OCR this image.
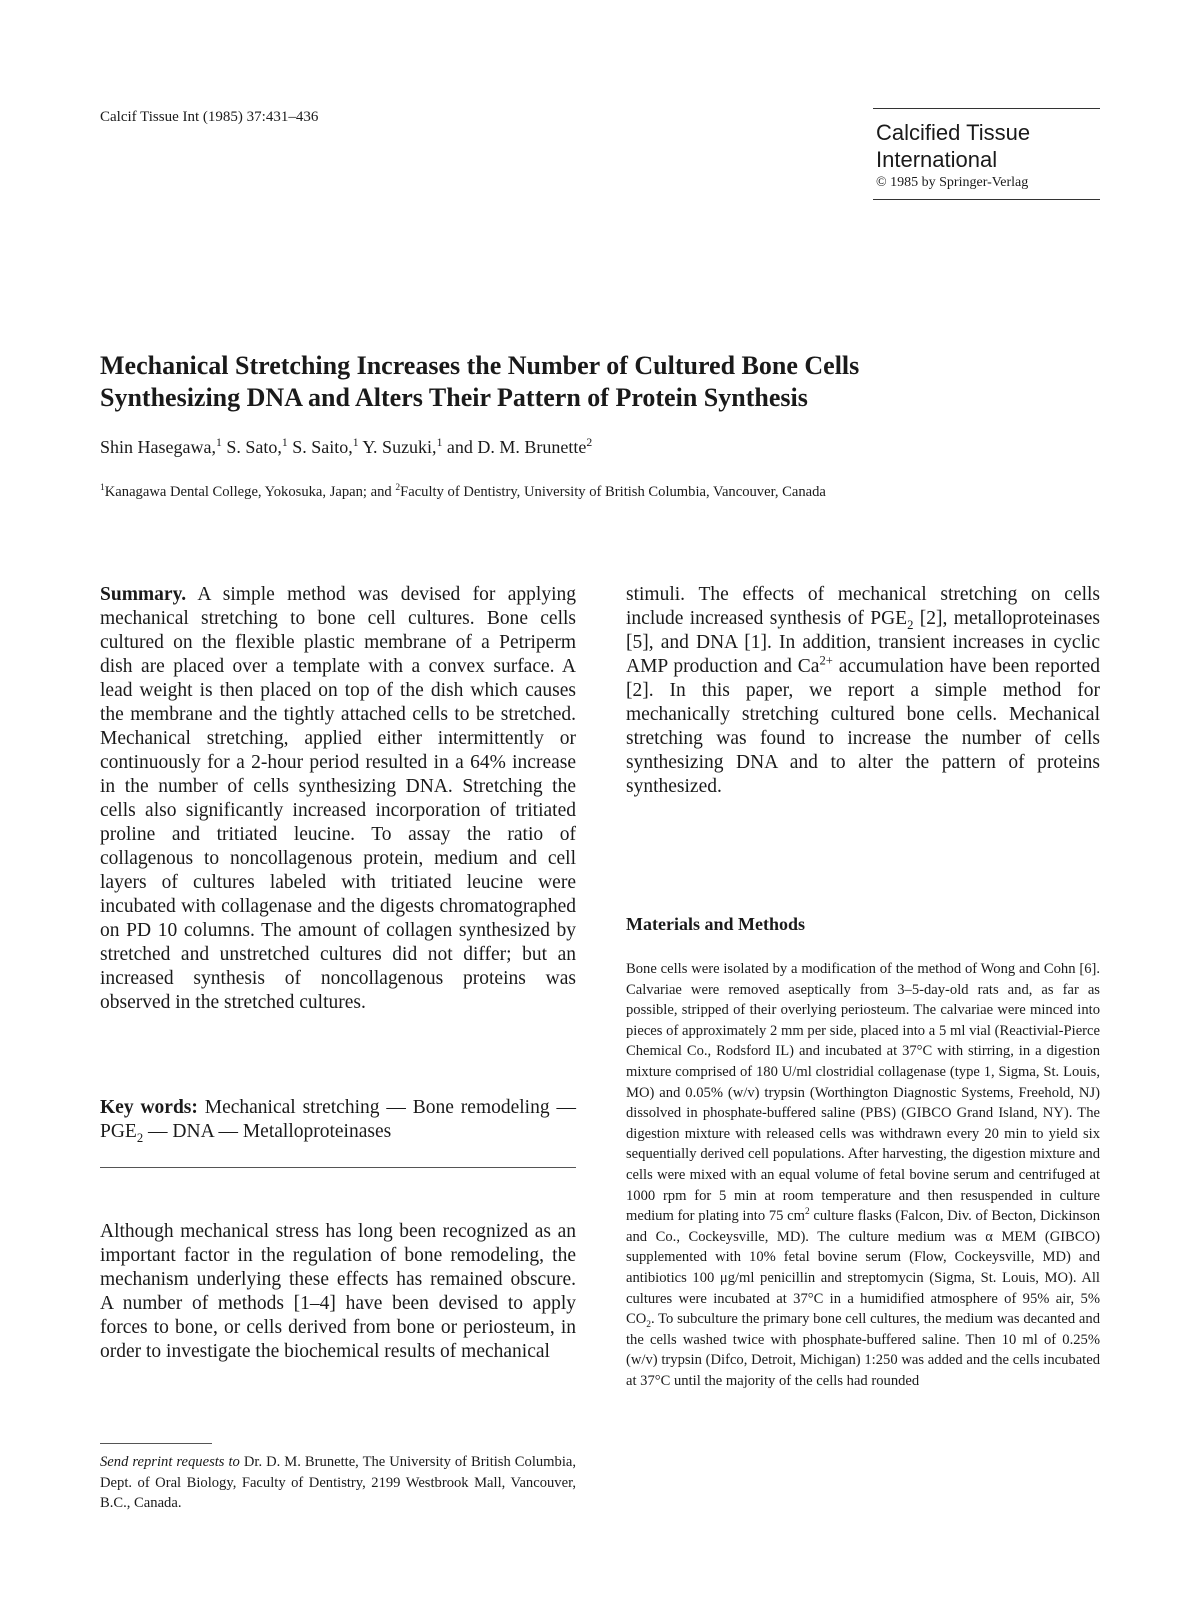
Calcif Tissue Int (1985) 37:431–436
Calcified Tissue
International
© 1985 by Springer-Verlag
Mechanical Stretching Increases the Number of Cultured Bone Cells
Synthesizing DNA and Alters Their Pattern of Protein Synthesis
Shin Hasegawa,$^1$ S. Sato,$^1$ S. Saito,$^1$ Y. Suzuki,$^1$ and D. M. Brunette$^2$
$^1$Kanagawa Dental College, Yokosuka, Japan; and $^2$Faculty of Dentistry, University of British Columbia, Vancouver, Canada

Summary. A simple method was devised for applying mechanical stretching to bone cell cultures. Bone cells cultured on the flexible plastic membrane of a Petriperm dish are placed over a template with a convex surface. A lead weight is then placed on top of the dish which causes the membrane and the tightly attached cells to be stretched. Mechanical stretching, applied either intermittently or continuously for a 2-hour period resulted in a 64% increase in the number of cells synthesizing DNA. Stretching the cells also significantly increased incorporation of tritiated proline and tritiated leucine. To assay the ratio of collagenous to noncollagenous protein, medium and cell layers of cultures labeled with tritiated leucine were incubated with collagenase and the digests chromatographed on PD 10 columns. The amount of collagen synthesized by stretched and unstretched cultures did not differ; but an increased synthesis of noncollagenous proteins was observed in the stretched cultures.

Key words: Mechanical stretching — Bone remodeling — $PGE_2$ — DNA — Metalloproteinases

Although mechanical stress has long been recognized as an important factor in the regulation of bone remodeling, the mechanism underlying these effects has remained obscure. A number of methods [1–4] have been devised to apply forces to bone, or cells derived from bone or periosteum, in order to investigate the biochemical results of mechanical

stimuli. The effects of mechanical stretching on cells include increased synthesis of $PGE_2$ [2], metalloproteinases [5], and DNA [1]. In addition, transient increases in cyclic AMP production and $Ca^{2+}$ accumulation have been reported [2]. In this paper, we report a simple method for mechanically stretching cultured bone cells. Mechanical stretching was found to increase the number of cells synthesizing DNA and to alter the pattern of proteins synthesized.

Materials and Methods

Bone cells were isolated by a modification of the method of Wong and Cohn [6]. Calvariae were removed aseptically from 3–5-day-old rats and, as far as possible, stripped of their overlying periosteum. The calvariae were minced into pieces of approximately 2 mm per side, placed into a 5 ml vial (Reactivial-Pierce Chemical Co., Rodsford IL) and incubated at 37°C with stirring, in a digestion mixture comprised of 180 U/ml clostridial collagenase (type 1, Sigma, St. Louis, MO) and 0.05% (w/v) trypsin (Worthington Diagnostic Systems, Freehold, NJ) dissolved in phosphate-buffered saline (PBS) (GIBCO Grand Island, NY). The digestion mixture with released cells was withdrawn every 20 min to yield six sequentially derived cell populations. After harvesting, the digestion mixture and cells were mixed with an equal volume of fetal bovine serum and centrifuged at 1000 rpm for 5 min at room temperature and then resuspended in culture medium for plating into 75 $cm^2$ culture flasks (Falcon, Div. of Becton, Dickinson and Co., Cockeysville, MD). The culture medium was α MEM (GIBCO) supplemented with 10% fetal bovine serum (Flow, Cockeysville, MD) and antibiotics 100 μg/ml penicillin and streptomycin (Sigma, St. Louis, MO). All cultures were incubated at 37°C in a humidified atmosphere of 95% air, 5% $CO_2$. To subculture the primary bone cell cultures, the medium was decanted and the cells washed twice with phosphate-buffered saline. Then 10 ml of 0.25% (w/v) trypsin (Difco, Detroit, Michigan) 1:250 was added and the cells incubated at 37°C until the majority of the cells had rounded

Send reprint requests to Dr. D. M. Brunette, The University of British Columbia, Dept. of Oral Biology, Faculty of Dentistry, 2199 Westbrook Mall, Vancouver, B.C., Canada.
